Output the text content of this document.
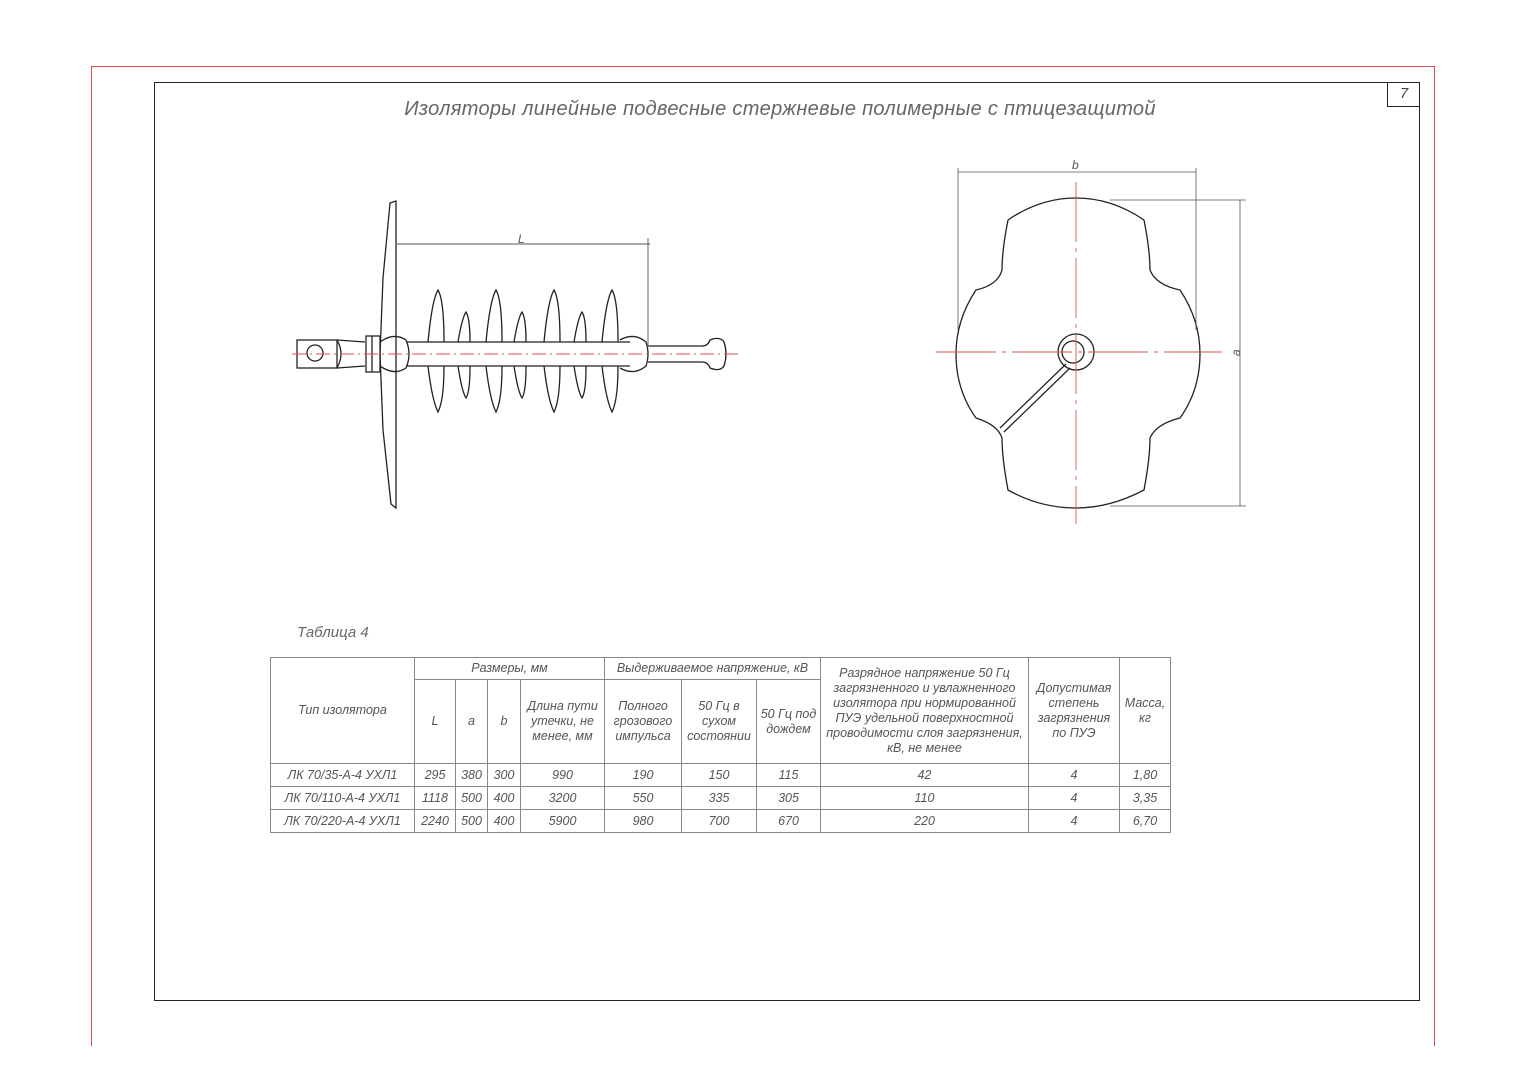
7
Изоляторы линейные подвесные стержневые полимерные с птицезащитой
L
b
a
Таблица 4
Тип изолятора	Размеры, мм				Выдерживаемое напряжение, кВ			Разрядное напряжение 50 Гц загрязненного и увлажненного изолятора при нормированной ПУЭ удельной поверхностной проводимости слоя загрязнения, кВ, не менее	Допустимая степень загрязнения по ПУЭ	Масса, кг
	L	a	b	Длина пути утечки, не менее, мм	Полного грозового импульса	50 Гц в сухом состоянии	50 Гц под дождем			
ЛК 70/35-А-4 УХЛ1	295	380	300	990	190	150	115	42	4	1,80
ЛК 70/110-А-4 УХЛ1	1118	500	400	3200	550	335	305	110	4	3,35
ЛК 70/220-А-4 УХЛ1	2240	500	400	5900	980	700	670	220	4	6,70
